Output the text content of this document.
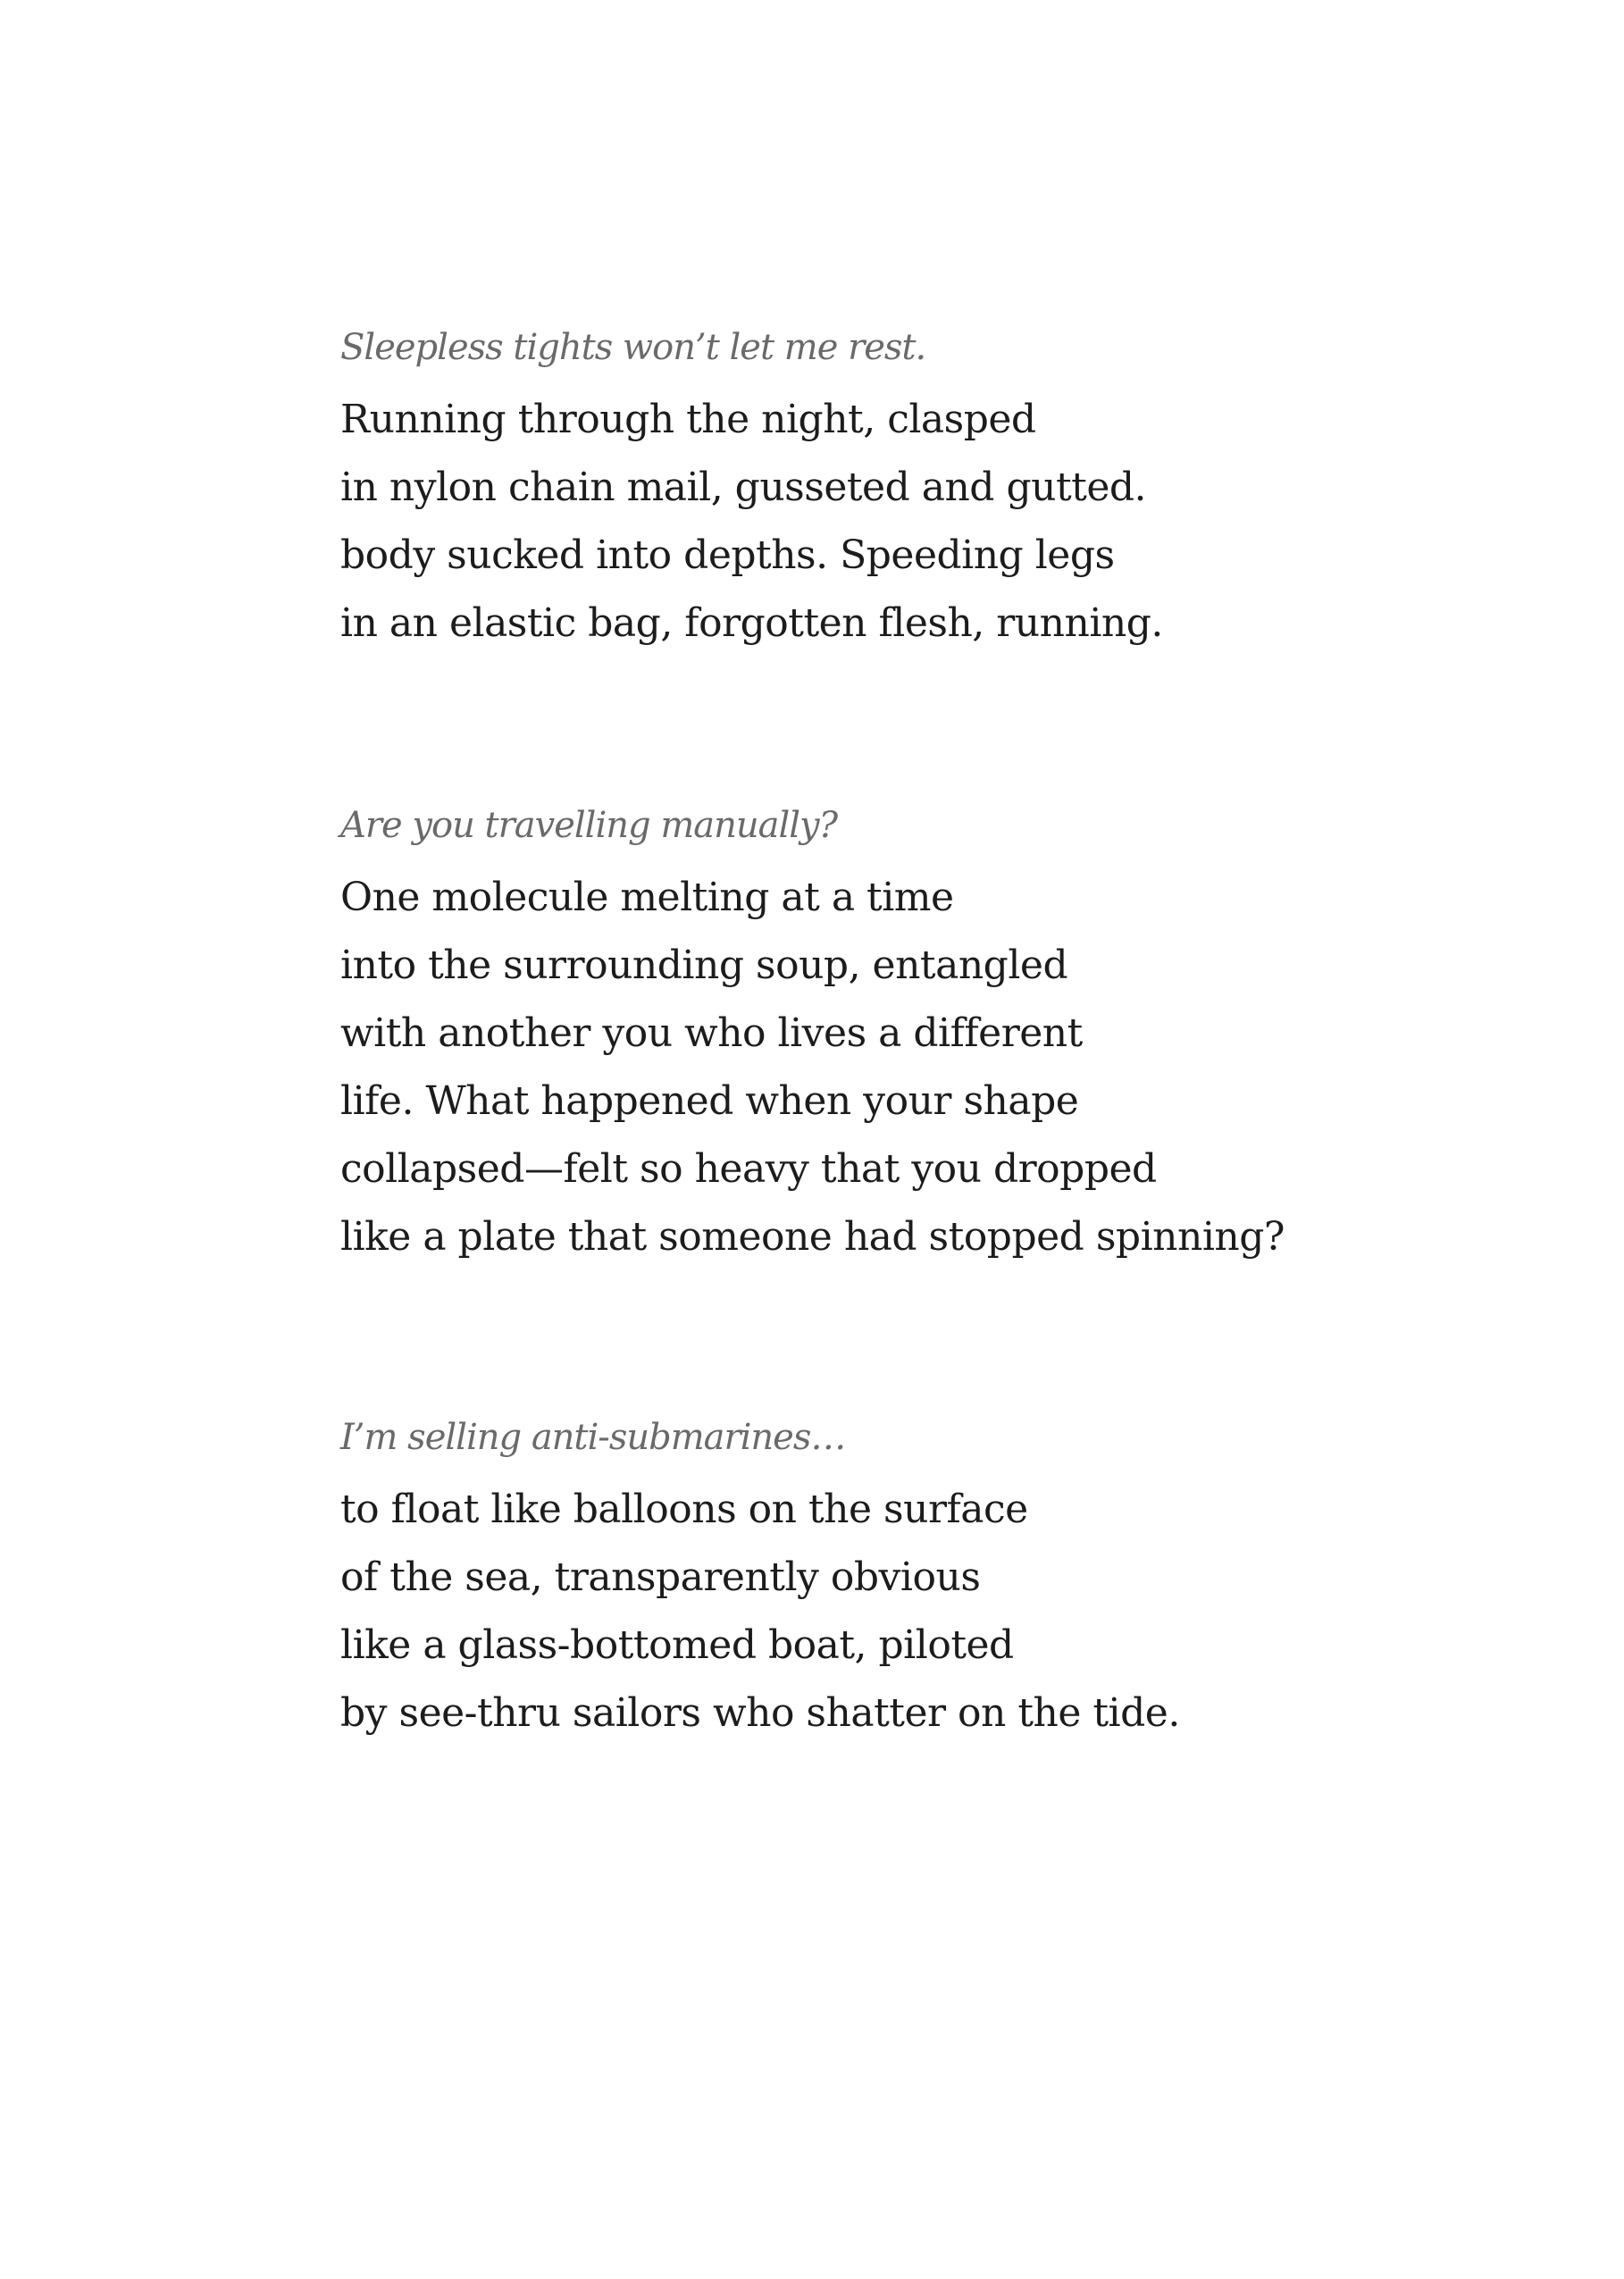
Sleepless tights won’t let me rest.

Running through the night, clasped
in nylon chain mail, gusseted and gutted.
body sucked into depths. Speeding legs
in an elastic bag, forgotten flesh, running.

Are you travelling manually?

One molecule melting at a time
into the surrounding soup, entangled
with another you who lives a different
life. What happened when your shape
collapsed—felt so heavy that you dropped
like a plate that someone had stopped spinning?

I’m selling anti-submarines…

to float like balloons on the surface
of the sea, transparently obvious
like a glass-bottomed boat, piloted
by see-thru sailors who shatter on the tide.
